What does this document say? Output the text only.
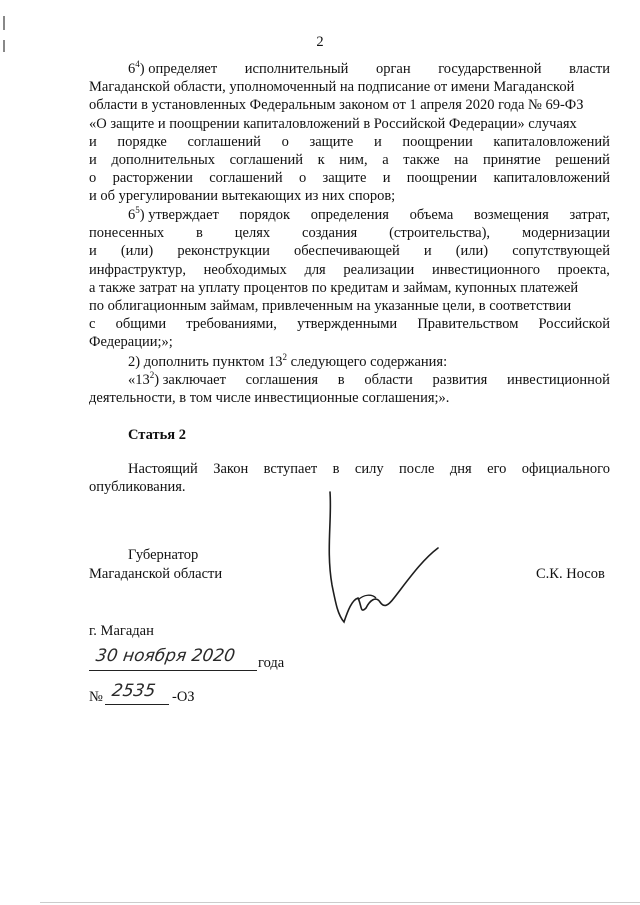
2
$6^4$) определяет исполнительный орган государственной власти
Магаданской области, уполномоченный на подписание от имени Магаданской
области в установленных Федеральным законом от 1 апреля 2020 года № 69-ФЗ
«О защите и поощрении капиталовложений в Российской Федерации» случаях
и порядке соглашений о защите и поощрении капиталовложений
и дополнительных соглашений к ним, а также на принятие решений
о расторжении соглашений о защите и поощрении капиталовложений
и об урегулировании вытекающих из них споров;
$6^5$) утверждает порядок определения объема возмещения затрат,
понесенных в целях создания (строительства), модернизации
и (или) реконструкции обеспечивающей и (или) сопутствующей
инфраструктур, необходимых для реализации инвестиционного проекта,
а также затрат на уплату процентов по кредитам и займам, купонных платежей
по облигационным займам, привлеченным на указанные цели, в соответствии
с общими требованиями, утвержденными Правительством Российской
Федерации;»;
2) дополнить пунктом $13^2$ следующего содержания:
«$13^2$) заключает соглашения в области развития инвестиционной
деятельности, в том числе инвестиционные соглашения;».
Статья 2
Настоящий Закон вступает в силу после дня его официального
опубликования.
Губернатор
Магаданской области	С.К. Носов
г. Магадан
30 ноября 2020 года
№ 2535 -ОЗ
